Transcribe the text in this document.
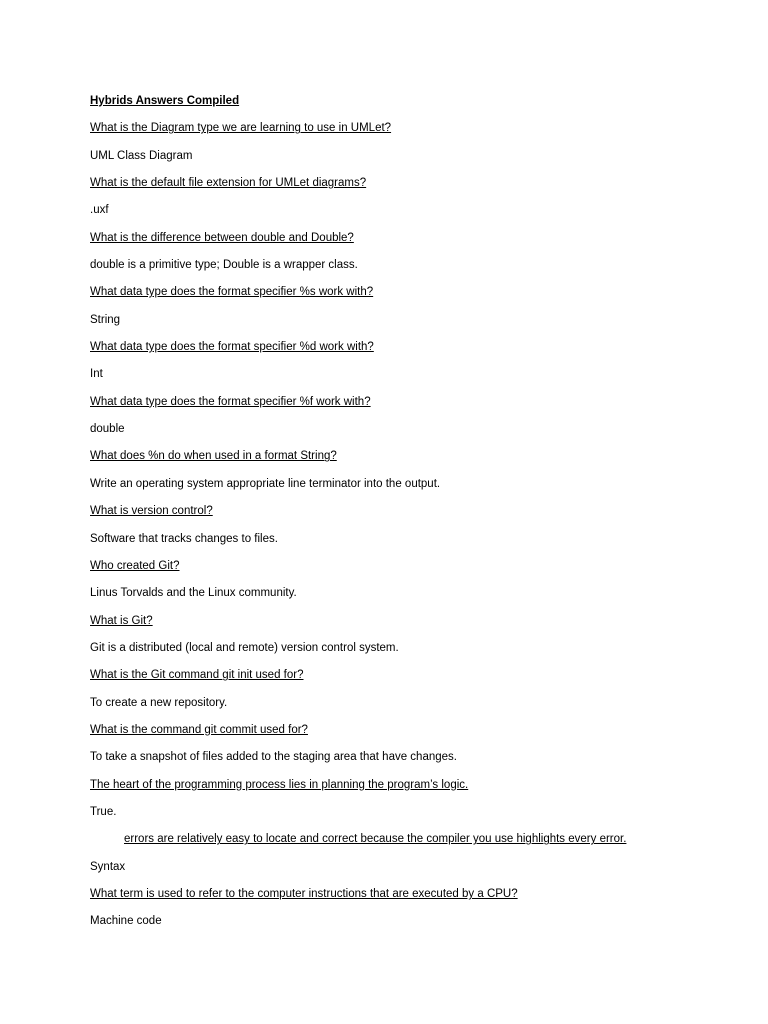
Hybrids Answers Compiled
What is the Diagram type we are learning to use in UMLet?
UML Class Diagram
What is the default file extension for UMLet diagrams?
.uxf
What is the difference between double and Double?
double is a primitive type; Double is a wrapper class.
What data type does the format specifier %s work with?
String
What data type does the format specifier %d work with?
Int
What data type does the format specifier %f work with?
double
What does %n do when used in a format String?
Write an operating system appropriate line terminator into the output.
What is version control?
Software that tracks changes to files.
Who created Git?
Linus Torvalds and the Linux community.
What is Git?
Git is a distributed (local and remote) version control system.
What is the Git command git init used for?
To create a new repository.
What is the command git commit used for?
To take a snapshot of files added to the staging area that have changes.
The heart of the programming process lies in planning the program’s logic.
True.
errors are relatively easy to locate and correct because the compiler you use highlights every error.
Syntax
What term is used to refer to the computer instructions that are executed by a CPU?
Machine code
